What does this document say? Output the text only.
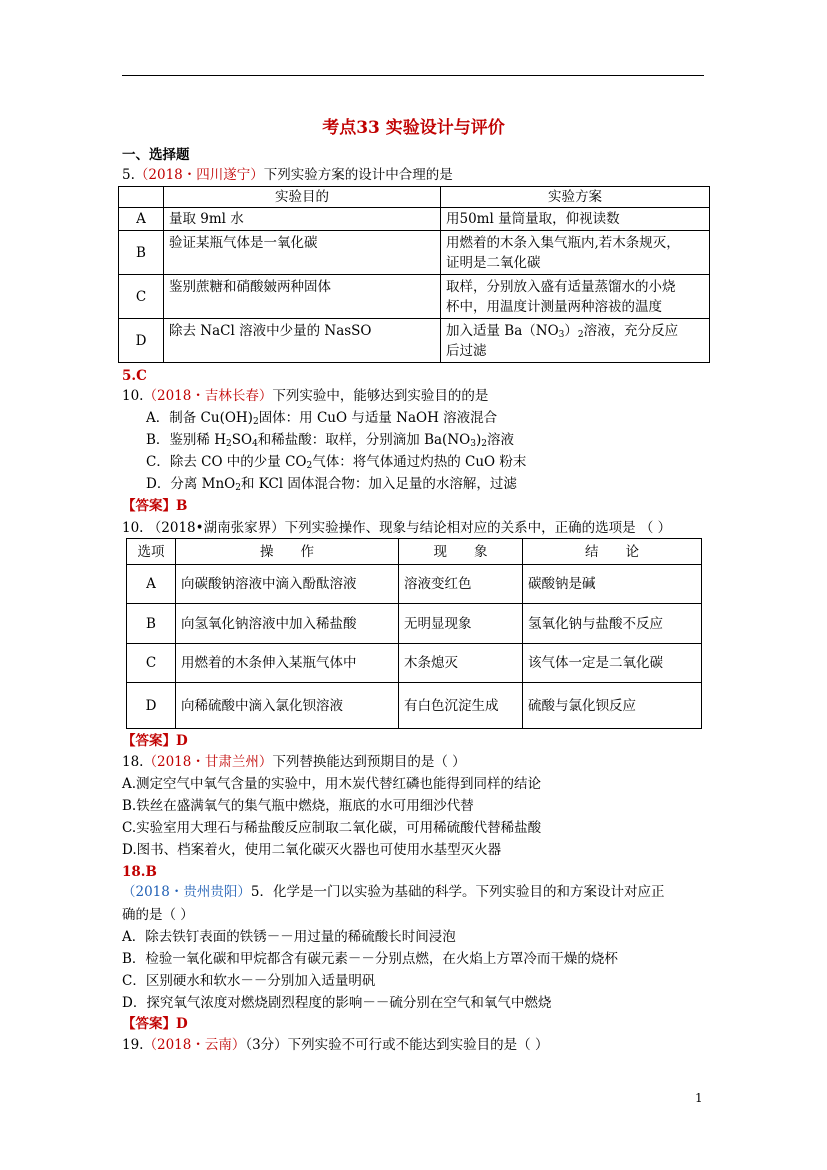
考点33 实验设计与评价
一、选择题
5.（2018・四川遂宁）下列实验方案的设计中合理的是
	实验目的	实验方案
A	量取 9ml 水	用50ml 量筒量取，仰视读数
B	验证某瓶气体是一氧化碳	用燃着的木条入集气瓶内,若木条规灭，
证明是二氧化碳
C	鉴别蔗糖和硝酸皴两种固体	取样，分别放入盛有适量蒸馏水的小烧
杯中，用温度计测量两种溶祓的温度
D	除去 NaCl 溶液中少量的 NasSO	加入适量 $Ba(NO_3)_2$溶液，充分反应
后过滤
5.C
10.（2018・吉林长春）下列实验中，能够达到实验目的的是
A．制备 $Cu(OH)_2$固体：用 CuO 与适量 NaOH 溶液混合
B．鉴别稀 $H_2SO_4$和稀盐酸：取样，分别滴加 $Ba(NO_3)_2$溶液
C．除去 CO 中的少量 $CO_2$气体：将气体通过灼热的 CuO 粉末
D．分离 MnO$_2$和 KCl 固体混合物：加入足量的水溶解，过滤
【答案】B
10. （2018•湖南张家界）下列实验操作、现象与结论相对应的关系中，正确的选项是 （ ）
选项	操　　作	现　　象	结　　论
A	向碳酸钠溶液中滴入酚酞溶液	溶液变红色	碳酸钠是碱
B	向氢氧化钠溶液中加入稀盐酸	无明显现象	氢氧化钠与盐酸不反应
C	用燃着的木条伸入某瓶气体中	木条熄灭	该气体一定是二氧化碳
D	向稀硫酸中滴入氯化钡溶液	有白色沉淀生成	硫酸与氯化钡反应
【答案】D
18.（2018・甘肃兰州）下列替换能达到预期目的是（ ）
A.测定空气中氧气含量的实验中，用木炭代替红磷也能得到同样的结论
B.铁丝在盛满氧气的集气瓶中燃烧，瓶底的水可用细沙代替
C.实验室用大理石与稀盐酸反应制取二氧化碳，可用稀硫酸代替稀盐酸
D.图书、档案着火，使用二氧化碳灭火器也可使用水基型灭火器
18.B
（2018・贵州贵阳）5．化学是一门以实验为基础的科学。下列实验目的和方案设计对应正
确的是（ ）
A．除去铁钉表面的铁锈－－用过量的稀硫酸长时间浸泡
B．检验一氧化碳和甲烷都含有碳元素－－分别点燃，在火焰上方罩冷而干燥的烧杯
C．区别硬水和软水－－分别加入适量明矾
D．探究氧气浓度对燃烧剧烈程度的影响－－硫分别在空气和氧气中燃烧
【答案】D
19.（2018・云南）（3分）下列实验不可行或不能达到实验目的是（ ）
1
